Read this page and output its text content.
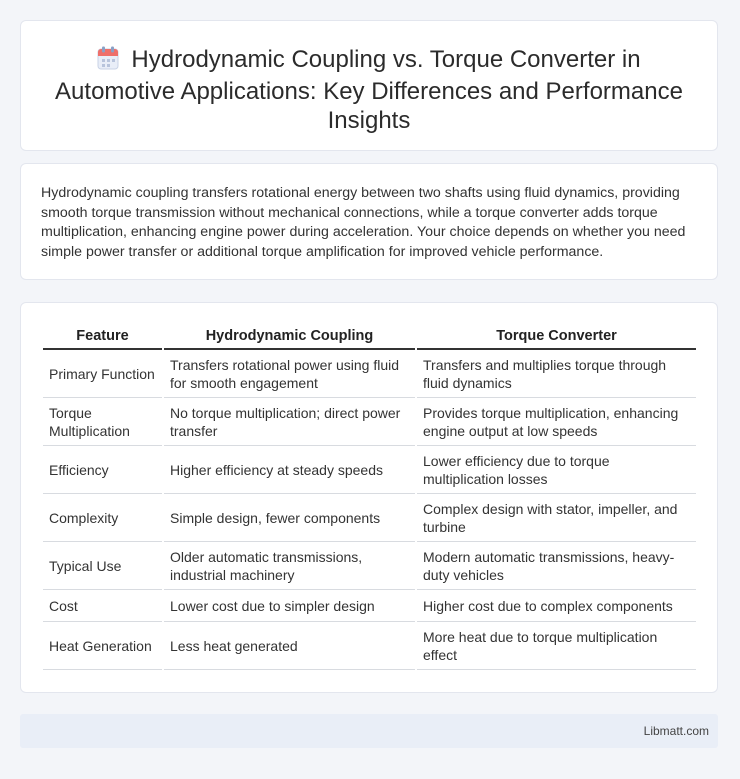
Hydrodynamic Coupling vs. Torque Converter in Automotive Applications: Key Differences and Performance Insights

Hydrodynamic coupling transfers rotational energy between two shafts using fluid dynamics, providing smooth torque transmission without mechanical connections, while a torque converter adds torque multiplication, enhancing engine power during acceleration. Your choice depends on whether you need simple power transfer or additional torque amplification for improved vehicle performance.

Feature	Hydrodynamic Coupling	Torque Converter
Primary Function	Transfers rotational power using fluid for smooth engagement	Transfers and multiplies torque through fluid dynamics
Torque Multiplication	No torque multiplication; direct power transfer	Provides torque multiplication, enhancing engine output at low speeds
Efficiency	Higher efficiency at steady speeds	Lower efficiency due to torque multiplication losses
Complexity	Simple design, fewer components	Complex design with stator, impeller, and turbine
Typical Use	Older automatic transmissions, industrial machinery	Modern automatic transmissions, heavy-duty vehicles
Cost	Lower cost due to simpler design	Higher cost due to complex components
Heat Generation	Less heat generated	More heat due to torque multiplication effect
Libmatt.com
